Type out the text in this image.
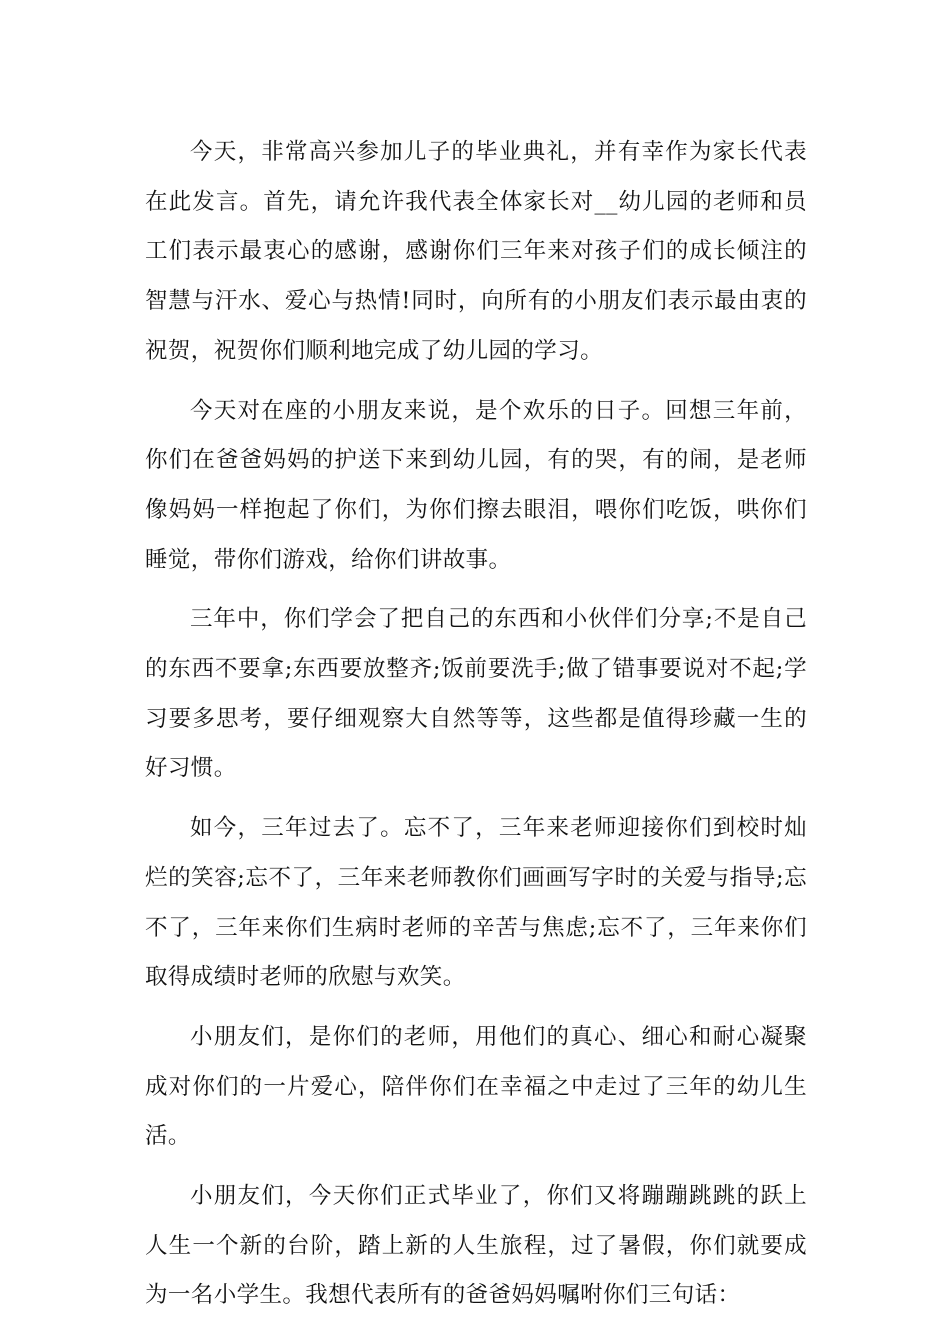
今天，非常高兴参加儿子的毕业典礼，并有幸作为家长代表在此发言。首先，请允许我代表全体家长对__幼儿园的老师和员工们表示最衷心的感谢，感谢你们三年来对孩子们的成长倾注的智慧与汗水、爱心与热情!同时，向所有的小朋友们表示最由衷的祝贺，祝贺你们顺利地完成了幼儿园的学习。

今天对在座的小朋友来说，是个欢乐的日子。回想三年前，你们在爸爸妈妈的护送下来到幼儿园，有的哭，有的闹，是老师像妈妈一样抱起了你们，为你们擦去眼泪，喂你们吃饭，哄你们睡觉，带你们游戏，给你们讲故事。

三年中，你们学会了把自己的东西和小伙伴们分享;不是自己的东西不要拿;东西要放整齐;饭前要洗手;做了错事要说对不起;学习要多思考，要仔细观察大自然等等，这些都是值得珍藏一生的好习惯。

如今，三年过去了。忘不了，三年来老师迎接你们到校时灿烂的笑容;忘不了，三年来老师教你们画画写字时的关爱与指导;忘不了，三年来你们生病时老师的辛苦与焦虑;忘不了，三年来你们取得成绩时老师的欣慰与欢笑。

小朋友们，是你们的老师，用他们的真心、细心和耐心凝聚成对你们的一片爱心，陪伴你们在幸福之中走过了三年的幼儿生活。

小朋友们，今天你们正式毕业了，你们又将蹦蹦跳跳的跃上人生一个新的台阶，踏上新的人生旅程，过了暑假，你们就要成为一名小学生。我想代表所有的爸爸妈妈嘱咐你们三句话：
